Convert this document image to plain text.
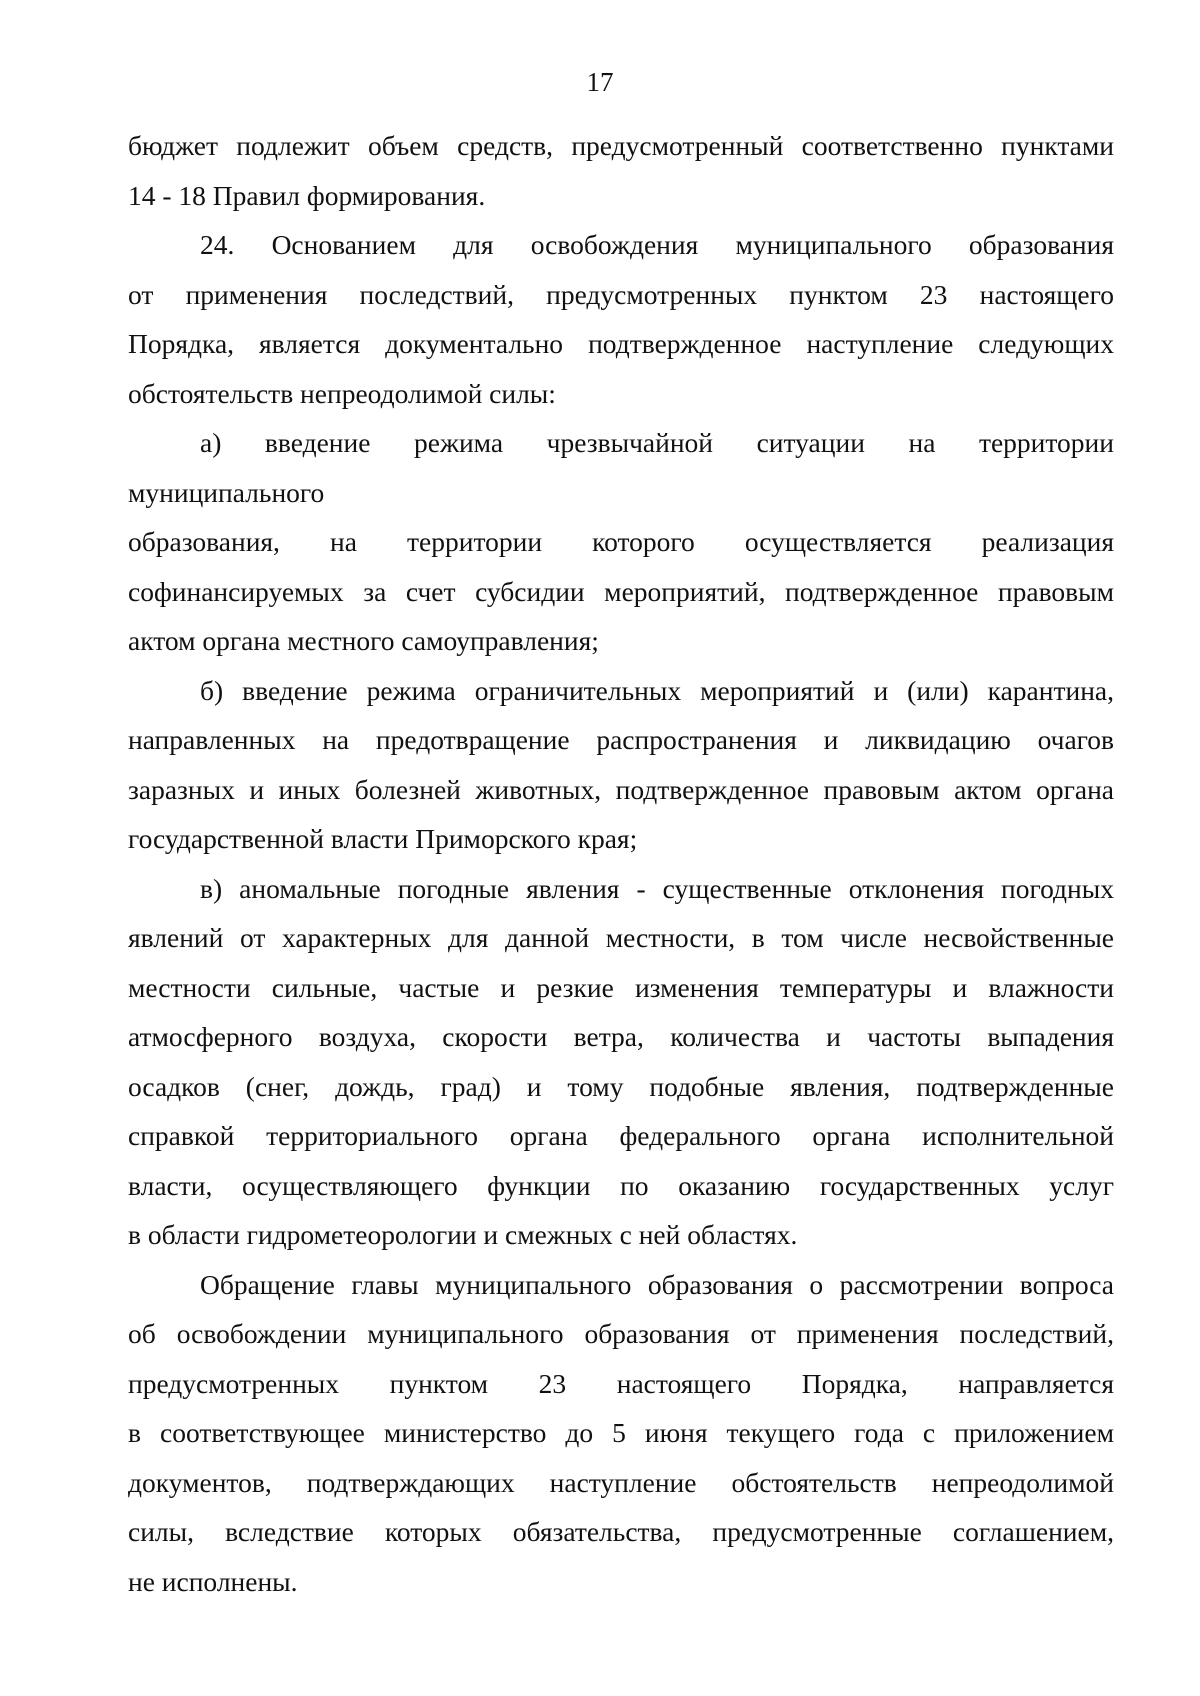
17
бюджет подлежит объем средств, предусмотренный соответственно пунктами
14 - 18 Правил формирования.
24. Основанием для освобождения муниципального образования
от применения последствий, предусмотренных пунктом 23 настоящего
Порядка, является документально подтвержденное наступление следующих
обстоятельств непреодолимой силы:
а) введение режима чрезвычайной ситуации на территории
муниципального
образования, на территории которого осуществляется реализация
софинансируемых за счет субсидии мероприятий, подтвержденное правовым
актом органа местного самоуправления;
б) введение режима ограничительных мероприятий и (или) карантина,
направленных на предотвращение распространения и ликвидацию очагов
заразных и иных болезней животных, подтвержденное правовым актом органа
государственной власти Приморского края;
в) аномальные погодные явления - существенные отклонения погодных
явлений от характерных для данной местности, в том числе несвойственные
местности сильные, частые и резкие изменения температуры и влажности
атмосферного воздуха, скорости ветра, количества и частоты выпадения
осадков (снег, дождь, град) и тому подобные явления, подтвержденные
справкой территориального органа федерального органа исполнительной
власти, осуществляющего функции по оказанию государственных услуг
в области гидрометеорологии и смежных с ней областях.
Обращение главы муниципального образования о рассмотрении вопроса
об освобождении муниципального образования от применения последствий,
предусмотренных пунктом 23 настоящего Порядка, направляется
в соответствующее министерство до 5 июня текущего года с приложением
документов, подтверждающих наступление обстоятельств непреодолимой
силы, вследствие которых обязательства, предусмотренные соглашением,
не исполнены.
